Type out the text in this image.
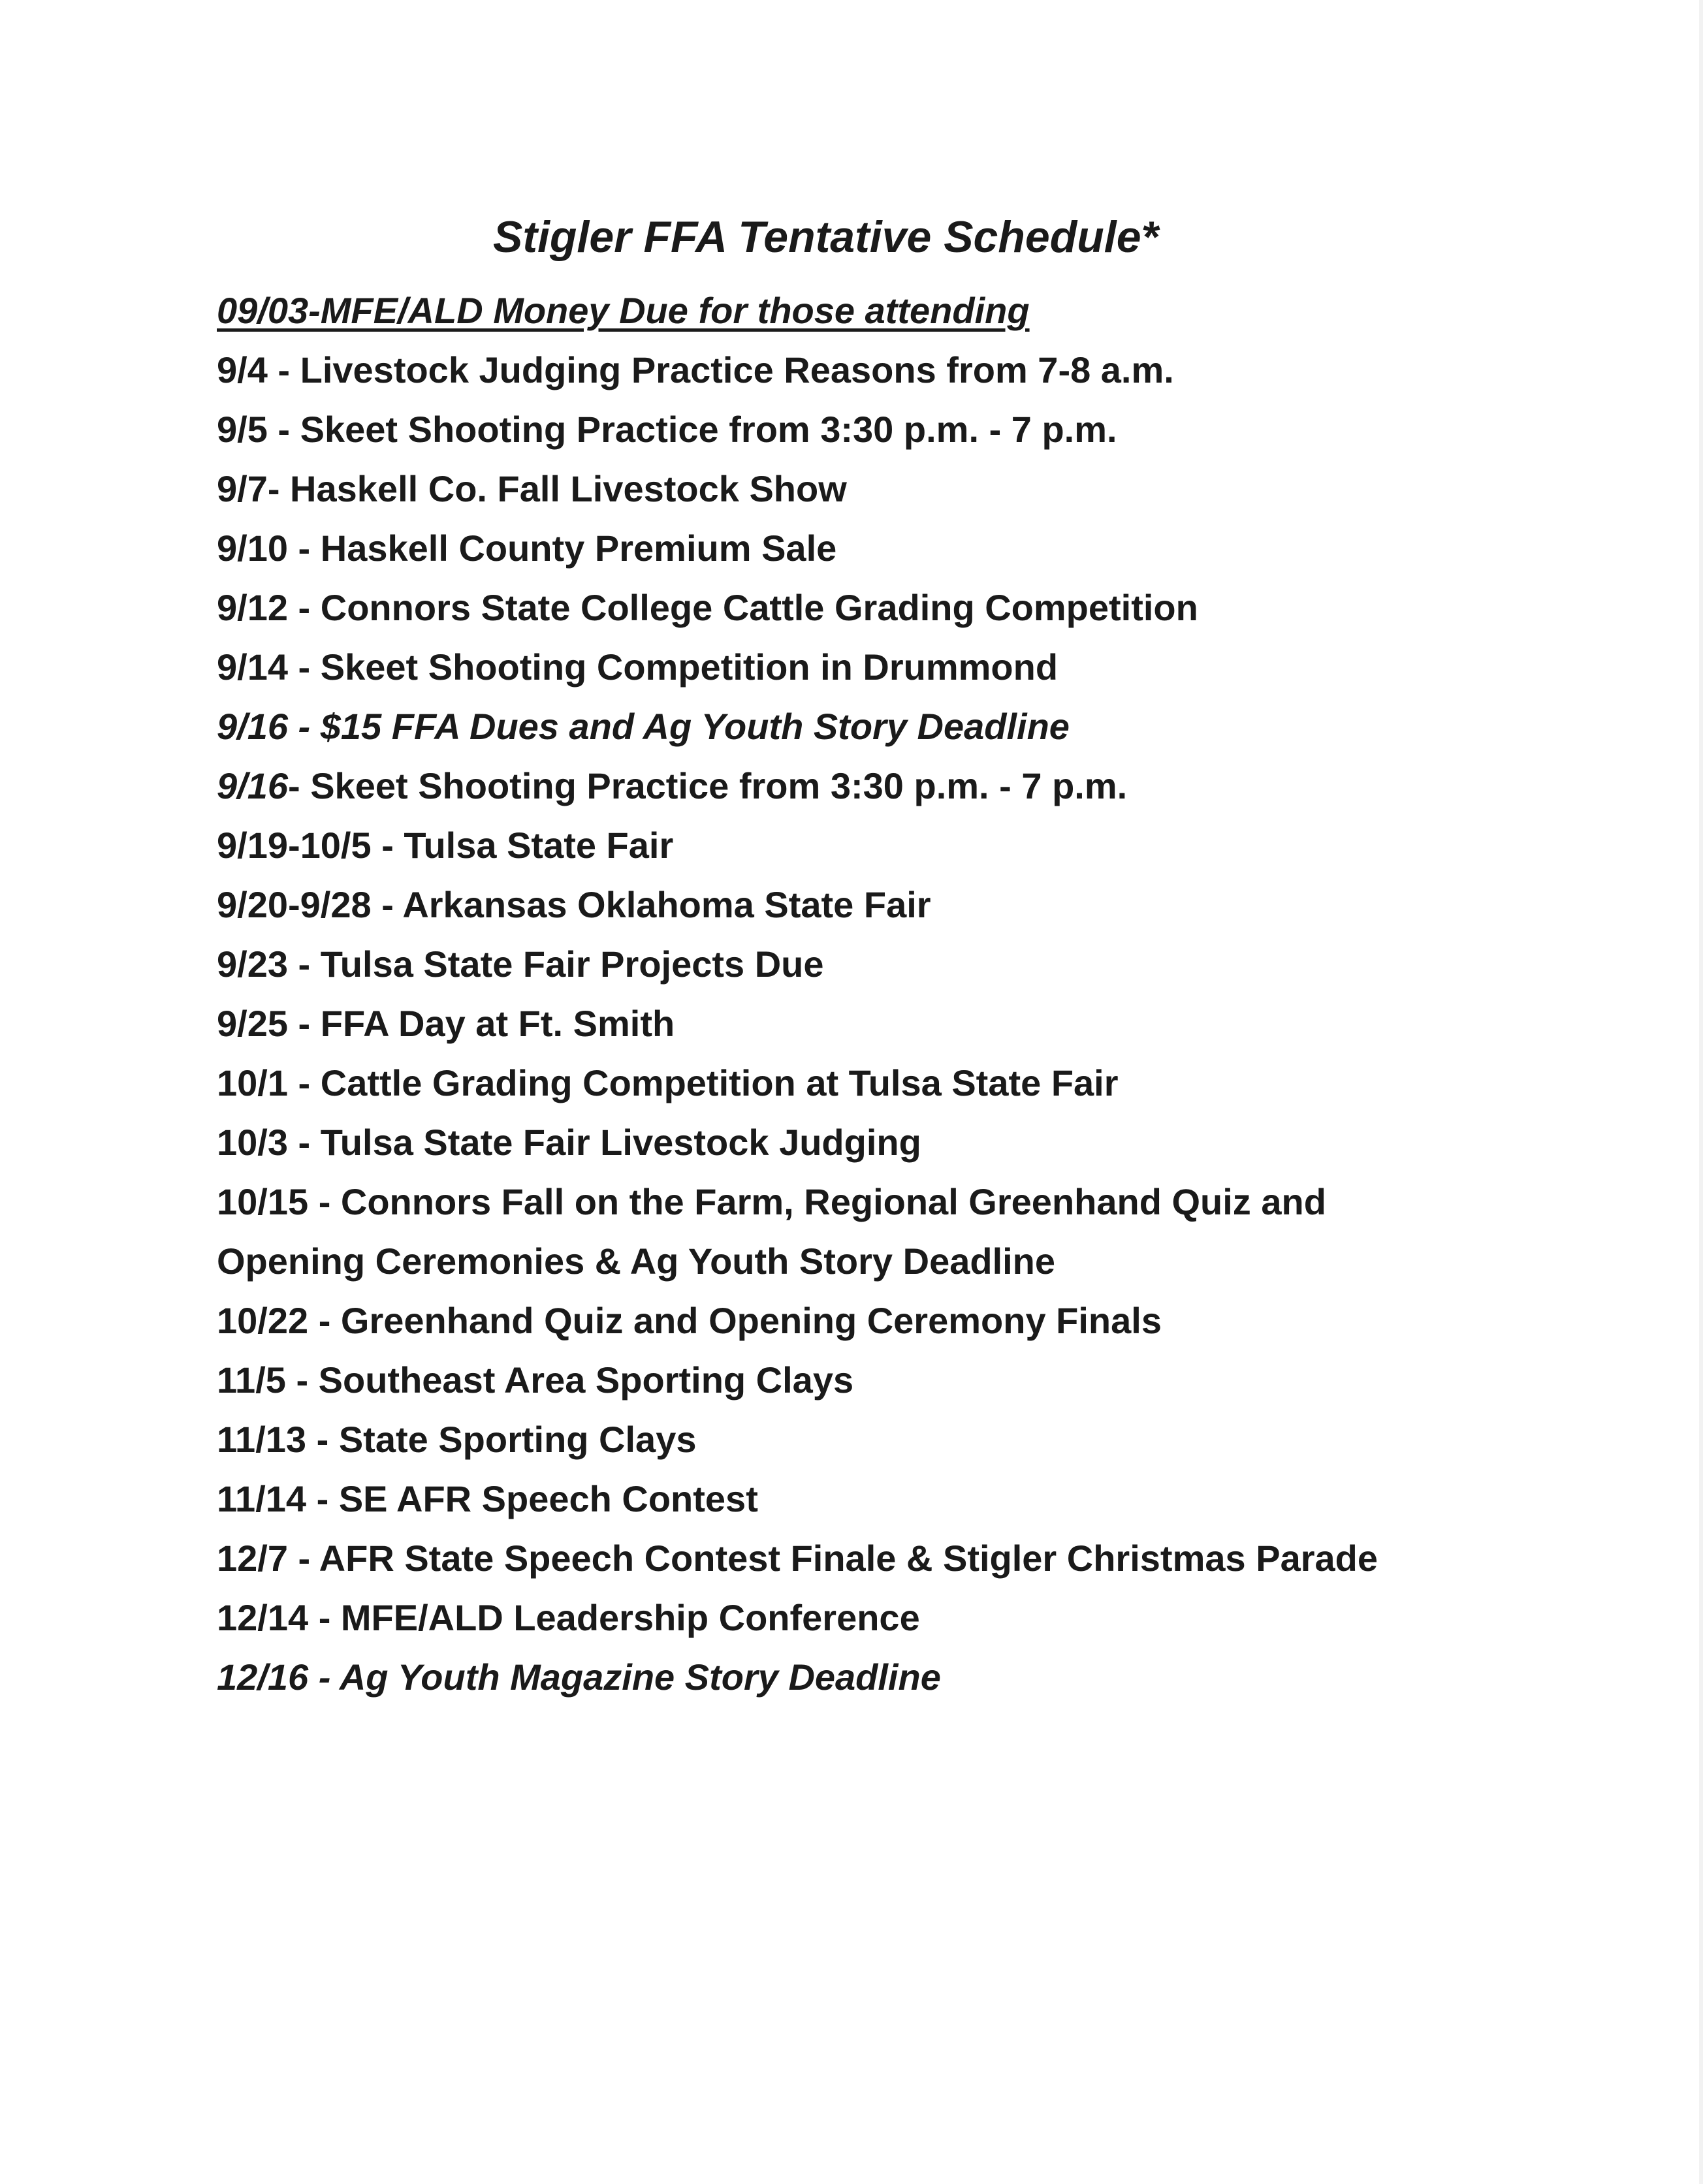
Stigler FFA Tentative Schedule*
09/03-MFE/ALD Money Due for those attending
9/4 - Livestock Judging Practice Reasons from 7-8 a.m.
9/5 - Skeet Shooting Practice from 3:30 p.m. - 7 p.m.
9/7- Haskell Co. Fall Livestock Show
9/10 - Haskell County Premium Sale
9/12 - Connors State College Cattle Grading Competition
9/14 - Skeet Shooting Competition in Drummond
9/16 - $15 FFA Dues and Ag Youth Story Deadline
9/16- Skeet Shooting Practice from 3:30 p.m. - 7 p.m.
9/19-10/5 - Tulsa State Fair
9/20-9/28 - Arkansas Oklahoma State Fair
9/23 - Tulsa State Fair Projects Due
9/25 - FFA Day at Ft. Smith
10/1 - Cattle Grading Competition at Tulsa State Fair
10/3 - Tulsa State Fair Livestock Judging
10/15 - Connors Fall on the Farm, Regional Greenhand Quiz and
Opening Ceremonies & Ag Youth Story Deadline
10/22 - Greenhand Quiz and Opening Ceremony Finals
11/5 - Southeast Area Sporting Clays
11/13 - State Sporting Clays
11/14 - SE AFR Speech Contest
12/7 - AFR State Speech Contest Finale & Stigler Christmas Parade
12/14 - MFE/ALD Leadership Conference
12/16 - Ag Youth Magazine Story Deadline
